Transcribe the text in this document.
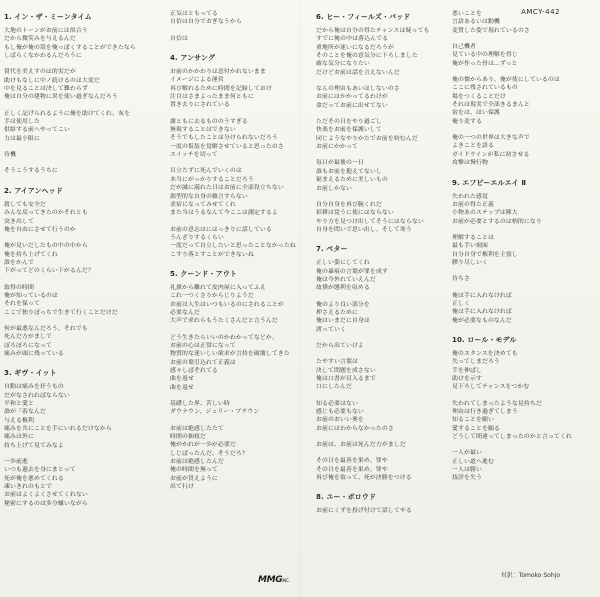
AMCY-442
1. イン・ザ・ミーンタイム
大地のトーンがお前には似合う
だから微笑みを与えるんだ
もし俺が俺の殻を俺っぽくすることができたなら
しばらくなかわるんだろうに
賞代を美えすのは的実だが
助けもなしに中ノ続けるのは大変だ
中を見ることは決して難わらず
俺は自分の建物に異を使い過ぎなんだろう
正しく記げられるように俺を助けてくれ、灰を
手は使用した
供給する前へやってこい
力は最小限に
待機
そうこうするうちに
2. アイアンヘッド
殺しても安全だ
みんな戻ってきたのかそれとも
突き出して
俺を自由にさせて行うのか
俺が見いだしたもの中の中から
俺を持ち上げてくれ
誰をかんで
下がってどのくらい下がるんだ？
取得の時間
俺が知っているのは
それを保って
ここで独りぼっちで生きて行くことだけだ
何が最悪なんだろう、それでも
死んだ方がましで
ぼろぼろになって
痛みが頭に残っている
3. ギヴ・イット
自動は痛みを抒うもの
だがなされればならない
平和と愛と
誰が「着なんだ
与える権利
痛みを共にことを手にいれるだけなから
痛みは外に
持ち上げて見てみなよ
一歩前進
いつも過去を身にまとって
死が俺を悪めてくれる
凍いきれのもとで
お前はよくよくさせてくれない
秘密にするのは多分嫌いながら
正気はともってる
自信は自分でおぎなうから
自信は
4. アンサング
お前のかかわりは意付かれないまま
イメージによる運営
再び解れるために時間を記録しておけ
注目はさまよったまま何ともに
置き去りにされている
謝ともに去るもののうすぎる
無視することはできない
そうでもしたことは分けられないだろう
一度の仮装を覚解させていると思ったのさ
スイッチを切って
目立たずに死んでいくのは
本当にがっかりすることだろう
だが滅に満れた日はお前に全部役立ちない
源型的な自身の雑言すらない
求宿になってみせてくれ
また当はうるなんて今ここは測定するよ
お前の意志はにはっきりに話している
うんざりするくらい
一度だって自立したいと思ったことなかったね
こすり落とすことができないね
5. クーンド・アウト
礼旗から離れて皮肉屋に入ってふえ
これ一つくさりからじりようだ
お前は人生はいつもいるのにされることが
必要なんだ
大声で求れらもうたくさんだと言うんだ
どう生きたらいいのかわかってなどか、
お前の心は正常になって
物質的な迷いしい欲求が言持を破壊してきた
お前の葉引込れて正義は
感々しばぞれてる
曲を返せ
曲を返せ
基礎した界、苦しい時
ダウナウン、ジュリー・ブラウン
お前は絶感したたて
時間の抽枝だ
俺がかれが一歩が必要だ
しじばったんだ、そうだろ？
お前は絶感したんだ
俺の時間を無って
お前が買えように
出て行け
6. ヒー・フィールズ・バッド
だから俺は自分の得たチャンスは疑っても
すでに俺の中は落込んでる
重地所が迷いになるだろうが
そのことを俺の意気分に下ろしました
確な気分になりたい
だけどお前は話を言えないんだ
なんの理由もあいはしないのさ
お前にはかかってるわけが
命だってお前に出せてない
ただその日をやり過ごし
快楽をお前を保護いして
同じようなやりかたでお前を妨むんだ
お前にかかって
毎日が最後の一日
誰もお前を抱えてないし
窮まえるために美しいもの
お前しかない
自分自身を再び腕くれだ
彩耕は覚うに使にはならない
やり方を見つけ出してそうにはならない
自身を問いで思い出し、そして寒う
7. ペター
正しい姿にしてくれ
俺の暴痕の言葉が罪を成す
俺は今外れていえんだ
故僕が態利を収める
俺のより良い部分を
押さえるために
俺はいまだに自身は
渡っていく
だから出ていけよ
たやすい言葉は
決して問題を成さない
俺は口書が頁入るまで
口にしたんだ
知る必要はない
感じも必要もない
お前のおいい奥を
お前にはわからなかったのさ
お前は、お前は死んだ方がましだ
その日を最善を果め、罪や
その日を最善を果め、罪や
再び俺を取って、死が決勝をつける
8. ユー・ボロウド
お前にくずを投げ付けて話してやる
悪いことを
言語あるいは動機
変質した姿で現れているのさ
自己機者
見ている中の理解を得じ
俺が作った骨は…ずっと
俺の懐からあり、俺が使にしているのは
ここに残されているもの
場をつくることだけ
それは現実で全部きるまんと
宿をは、ほい保護
俺り変する
俺の一つの世界は大きな声で
よきことを語る
ガイドラインが私に初させる
攻撃は慢行物
9. エフビーエルエイ Ⅱ
失われた感覚
お前の得た正義
小物あのステップは陣大
お前が必要とするのは柄的になり
理解することは
最も手い刻面
自分自身で権利を主張し
膠り尽しいく
待ちさ
俺は手に入れなければ
正しく
俺は手に入れなければ
俺が必要なものなんだ
10. ロール・モデル
俺のスタンスを決めても
失ってしまだろう
手を伸ばし
助けを示す
見下ろしてチャンスをつかむ
失われてしまったような見持ちだ
理由は行き過ぎてしまう
知ることを願い
愛することを願る
どうして間違ってしまったのかと言ってくれ
一人が最い
正しい道へ進む
一人は勝い
技評を失う
MMGINC.
対訳：Tomoko Sohjo
